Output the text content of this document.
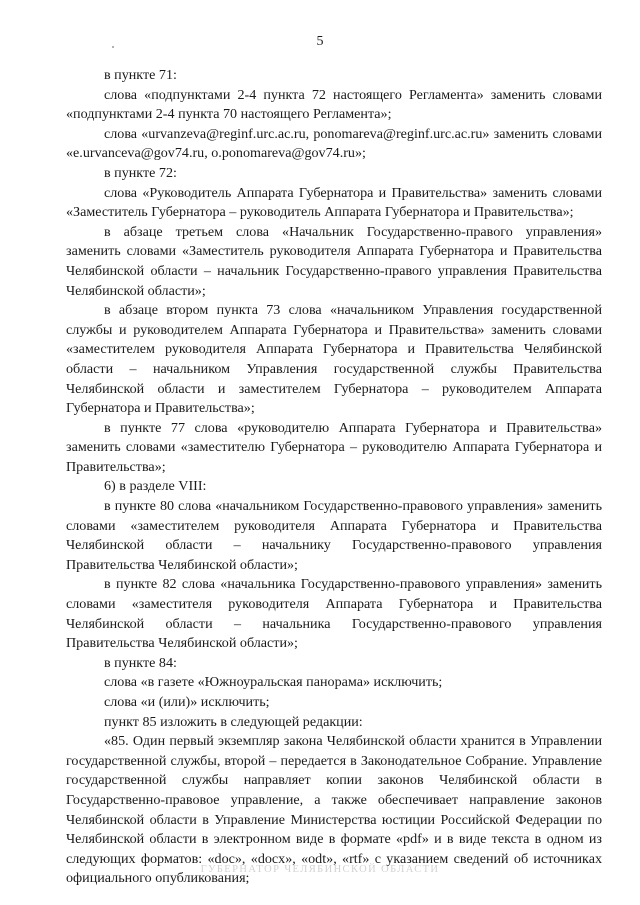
5

в пункте 71:

слова «подпунктами 2-4 пункта 72 настоящего Регламента» заменить словами «подпунктами 2-4 пункта 70 настоящего Регламента»;

слова «urvanzeva@reginf.urc.ac.ru, ponomareva@reginf.urc.ac.ru» заменить словами «e.urvanceva@gov74.ru, o.ponomareva@gov74.ru»;

в пункте 72:

слова «Руководитель Аппарата Губернатора и Правительства» заменить словами «Заместитель Губернатора – руководитель Аппарата Губернатора и Правительства»;

в абзаце третьем слова «Начальник Государственно-правого управления» заменить словами «Заместитель руководителя Аппарата Губернатора и Правительства Челябинской области – начальник Государственно-правого управления Правительства Челябинской области»;

в абзаце втором пункта 73 слова «начальником Управления государственной службы и руководителем Аппарата Губернатора и Правительства» заменить словами «заместителем руководителя Аппарата Губернатора и Правительства Челябинской области – начальником Управления государственной службы Правительства Челябинской области и заместителем Губернатора – руководителем Аппарата Губернатора и Правительства»;

в пункте 77 слова «руководителю Аппарата Губернатора и Правительства» заменить словами «заместителю Губернатора – руководителю Аппарата Губернатора и Правительства»;

6) в разделе VIII:

в пункте 80 слова «начальником Государственно-правового управления» заменить словами «заместителем руководителя Аппарата Губернатора и Правительства Челябинской области – начальнику Государственно-правового управления Правительства Челябинской области»;

в пункте 82 слова «начальника Государственно-правового управления» заменить словами «заместителя руководителя Аппарата Губернатора и Правительства Челябинской области – начальника Государственно-правового управления Правительства Челябинской области»;

в пункте 84:

слова «в газете «Южноуральская панорама» исключить;

слова «и (или)» исключить;

пункт 85 изложить в следующей редакции:

«85. Один первый экземпляр закона Челябинской области хранится в Управлении государственной службы, второй – передается в Законодательное Собрание. Управление государственной службы направляет копии законов Челябинской области в Государственно-правовое управление, а также обеспечивает направление законов Челябинской области в Управление Министерства юстиции Российской Федерации по Челябинской области в электронном виде в формате «pdf» и в виде текста в одном из следующих форматов: «doc», «docx», «odt», «rtf» с указанием сведений об источниках официального опубликования;

ГУБЕРНАТОР ЧЕЛЯБИНСКОЙ ОБЛАСТИ
